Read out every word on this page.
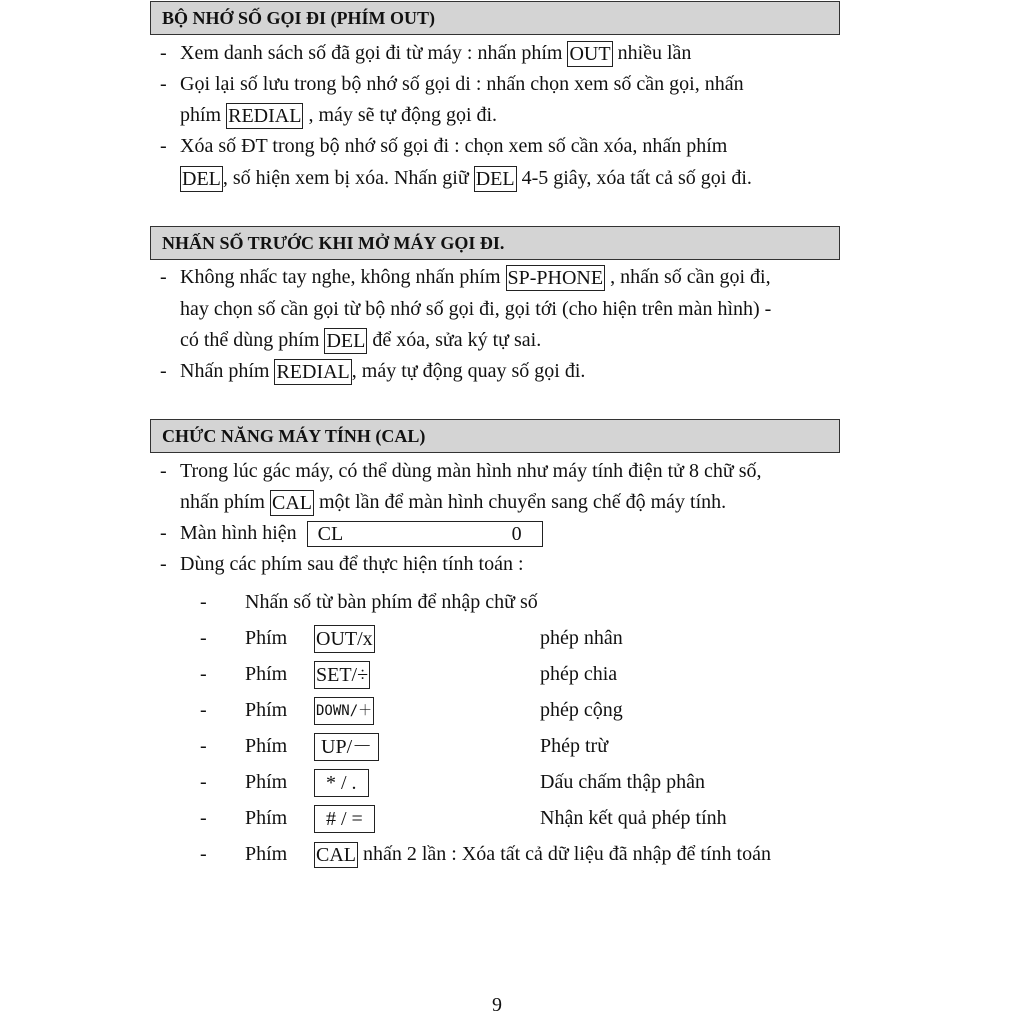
BỘ NHỚ SỐ GỌI ĐI (PHÍM OUT)
- Xem danh sách số đã gọi đi từ máy : nhấn phím OUT nhiều lần
- Gọi lại số lưu trong bộ nhớ số gọi di : nhấn chọn xem số cần gọi, nhấn
phím REDIAL , máy sẽ tự động gọi đi.
- Xóa số ĐT trong bộ nhớ số gọi đi : chọn xem số cần xóa, nhấn phím
DEL , số hiện xem bị xóa. Nhấn giữ DEL 4-5 giây, xóa tất cả số gọi đi.
NHẤN SỐ TRƯỚC KHI MỞ MÁY GỌI ĐI.
- Không nhấc tay nghe, không nhấn phím SP-PHONE , nhấn số cần gọi đi,
hay chọn số cần gọi từ bộ nhớ số gọi đi, gọi tới (cho hiện trên màn hình) -
có thể dùng phím DEL để xóa, sửa ký tự sai.
- Nhấn phím REDIAL , máy tự động quay số gọi đi.
CHỨC NĂNG MÁY TÍNH (CAL)
- Trong lúc gác máy, có thể dùng màn hình như máy tính điện tử 8 chữ số,
nhấn phím CAL một lần để màn hình chuyển sang chế độ máy tính.
- Màn hình hiện CL	0
- Dùng các phím sau để thực hiện tính toán :
- Nhấn số từ bàn phím để nhập chữ số
- Phím OUT/x	phép nhân
- Phím SET/÷	phép chia
- Phím DOWN/＋	phép cộng
- Phím UP/－	Phép trừ
- Phím * / .	Dấu chấm thập phân
- Phím # / =	Nhận kết quả phép tính
- Phím CAL nhấn 2 lần : Xóa tất cả dữ liệu đã nhập để tính toán
9
